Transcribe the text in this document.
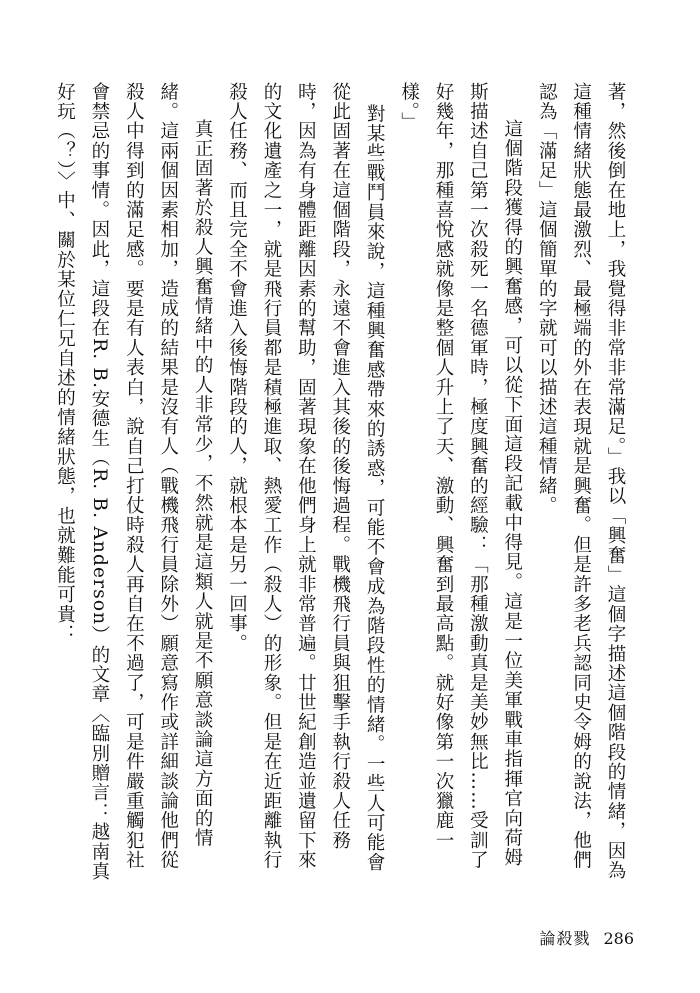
著，然後倒在地上，我覺得非常非常滿足。」我以「興奮」這個字描述這個階段的情緒，因為這種情緒狀態最激烈、最極端的外在表現就是興奮。但是許多老兵認同史令姆的說法，他們認為「滿足」這個簡單的字就可以描述這種情緒。

這個階段獲得的興奮感，可以從下面這段記載中得見。這是一位美軍戰車指揮官向荷姆斯描述自己第一次殺死一名德軍時，極度興奮的經驗：「那種激動真是美妙無比……受訓了好幾年，那種喜悅感就像是整個人升上了天、激動、興奮到最高點。就好像第一次獵鹿一樣。」

對某些戰鬥員來說，這種興奮感帶來的誘惑，可能不會成為階段性的情緒。一些人可能會從此固著在這個階段，永遠不會進入其後的後悔過程。戰機飛行員與狙擊手執行殺人任務時，因為有身體距離因素的幫助，固著現象在他們身上就非常普遍。廿世紀創造並遺留下來的文化遺產之一，就是飛行員都是積極進取、熱愛工作（殺人）的形象。但是在近距離執行殺人任務、而且完全不會進入後悔階段的人，就根本是另一回事。

真正固著於殺人興奮情緒中的人非常少，不然就是這類人就是不願意談論這方面的情緒。這兩個因素相加，造成的結果是沒有人（戰機飛行員除外）願意寫作或詳細談論他們從殺人中得到的滿足感。要是有人表白，說自己打仗時殺人再自在不過了，可是件嚴重觸犯社會禁忌的事情。因此，這段在R. B.安德生（R. B. Anderson）的文章〈臨別贈言：越南真好玩（？）〉中、關於某位仁兄自述的情緒狀態，也就難能可貴：

論殺戮 286
